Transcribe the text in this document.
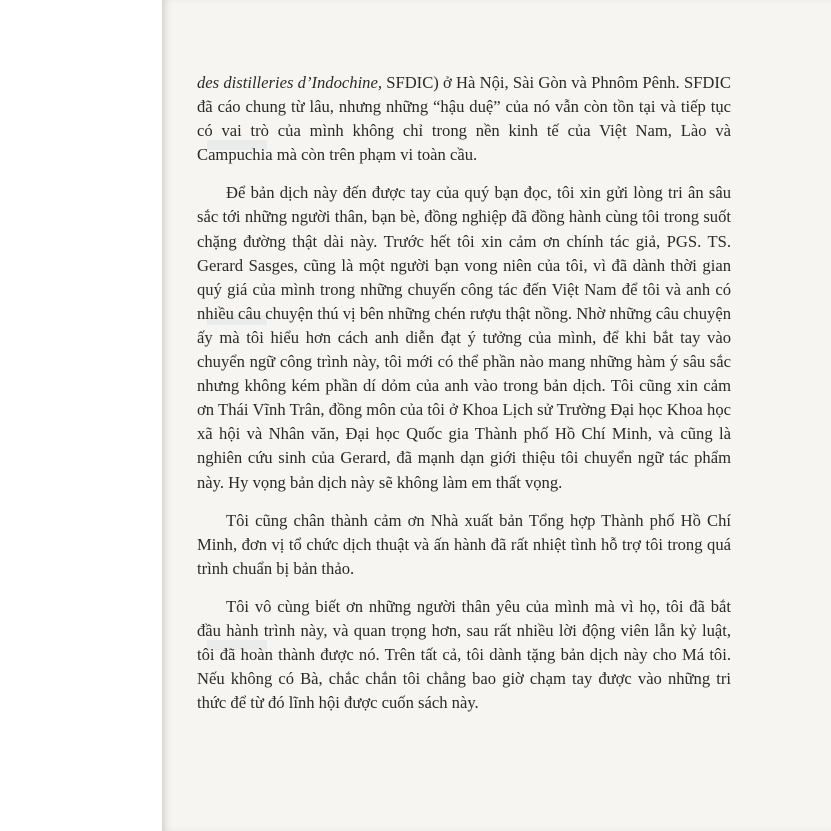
des distilleries d’Indochine, SFDIC) ở Hà Nội, Sài Gòn và Phnôm Pênh. SFDIC đã cáo chung từ lâu, nhưng những “hậu duệ” của nó vẫn còn tồn tại và tiếp tục có vai trò của mình không chỉ trong nền kinh tế của Việt Nam, Lào và Campuchia mà còn trên phạm vi toàn cầu.

Để bản dịch này đến được tay của quý bạn đọc, tôi xin gửi lòng tri ân sâu sắc tới những người thân, bạn bè, đồng nghiệp đã đồng hành cùng tôi trong suốt chặng đường thật dài này. Trước hết tôi xin cảm ơn chính tác giả, PGS. TS. Gerard Sasges, cũng là một người bạn vong niên của tôi, vì đã dành thời gian quý giá của mình trong những chuyến công tác đến Việt Nam để tôi và anh có nhiều câu chuyện thú vị bên những chén rượu thật nồng. Nhờ những câu chuyện ấy mà tôi hiểu hơn cách anh diễn đạt ý tưởng của mình, để khi bắt tay vào chuyển ngữ công trình này, tôi mới có thể phần nào mang những hàm ý sâu sắc nhưng không kém phần dí dỏm của anh vào trong bản dịch. Tôi cũng xin cảm ơn Thái Vĩnh Trân, đồng môn của tôi ở Khoa Lịch sử Trường Đại học Khoa học xã hội và Nhân văn, Đại học Quốc gia Thành phố Hồ Chí Minh, và cũng là nghiên cứu sinh của Gerard, đã mạnh dạn giới thiệu tôi chuyển ngữ tác phẩm này. Hy vọng bản dịch này sẽ không làm em thất vọng.

Tôi cũng chân thành cảm ơn Nhà xuất bản Tổng hợp Thành phố Hồ Chí Minh, đơn vị tổ chức dịch thuật và ấn hành đã rất nhiệt tình hỗ trợ tôi trong quá trình chuẩn bị bản thảo.

Tôi vô cùng biết ơn những người thân yêu của mình mà vì họ, tôi đã bắt đầu hành trình này, và quan trọng hơn, sau rất nhiều lời động viên lẫn kỷ luật, tôi đã hoàn thành được nó. Trên tất cả, tôi dành tặng bản dịch này cho Má tôi. Nếu không có Bà, chắc chắn tôi chẳng bao giờ chạm tay được vào những tri thức để từ đó lĩnh hội được cuốn sách này.
